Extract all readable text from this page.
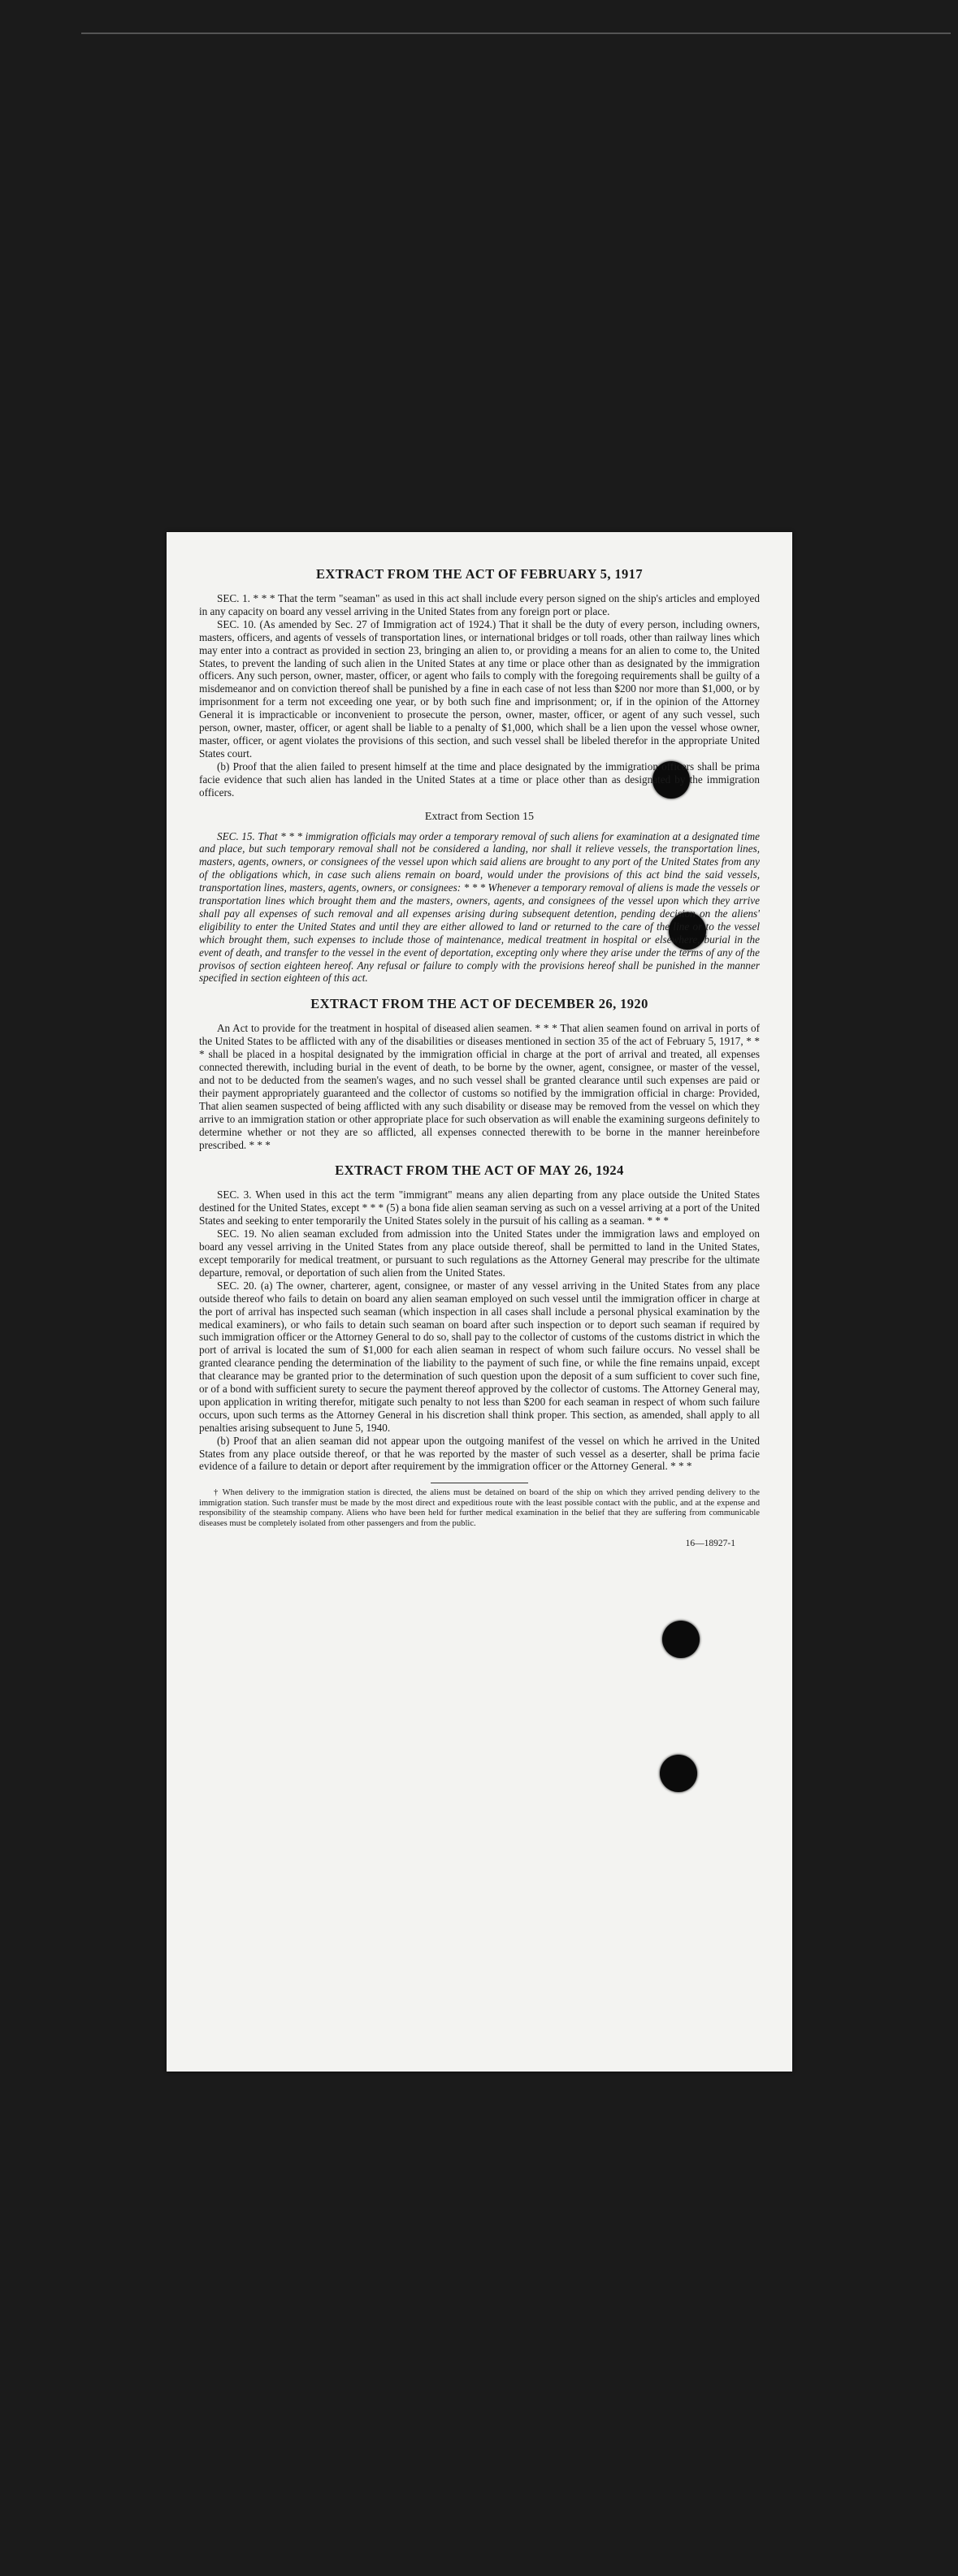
EXTRACT FROM THE ACT OF FEBRUARY 5, 1917

SEC. 1. * * * That the term "seaman" as used in this act shall include every person signed on the ship's articles and employed in any capacity on board any vessel arriving in the United States from any foreign port or place.

SEC. 10. (As amended by Sec. 27 of Immigration act of 1924.) That it shall be the duty of every person, including owners, masters, officers, and agents of vessels of transportation lines, or international bridges or toll roads, other than railway lines which may enter into a contract as provided in section 23, bringing an alien to, or providing a means for an alien to come to, the United States, to prevent the landing of such alien in the United States at any time or place other than as designated by the immigration officers. Any such person, owner, master, officer, or agent who fails to comply with the foregoing requirements shall be guilty of a misdemeanor and on conviction thereof shall be punished by a fine in each case of not less than $200 nor more than $1,000, or by imprisonment for a term not exceeding one year, or by both such fine and imprisonment; or, if in the opinion of the Attorney General it is impracticable or inconvenient to prosecute the person, owner, master, officer, or agent of any such vessel, such person, owner, master, officer, or agent shall be liable to a penalty of $1,000, which shall be a lien upon the vessel whose owner, master, officer, or agent violates the provisions of this section, and such vessel shall be libeled therefor in the appropriate United States court.

(b) Proof that the alien failed to present himself at the time and place designated by the immigration officers shall be prima facie evidence that such alien has landed in the United States at a time or place other than as designated by the immigration officers.

Extract from Section 15

SEC. 15. That * * * immigration officials may order a temporary removal of such aliens for examination at a designated time and place, but such temporary removal shall not be considered a landing, nor shall it relieve vessels, the transportation lines, masters, agents, owners, or consignees of the vessel upon which said aliens are brought to any port of the United States from any of the obligations which, in case such aliens remain on board, would under the provisions of this act bind the said vessels, transportation lines, masters, agents, owners, or consignees: * * * Whenever a temporary removal of aliens is made the vessels or transportation lines which brought them and the masters, owners, agents, and consignees of the vessel upon which they arrive shall pay all expenses of such removal and all expenses arising during subsequent detention, pending decision on the aliens' eligibility to enter the United States and until they are either allowed to land or returned to the care of the line or to the vessel which brought them, such expenses to include those of maintenance, medical treatment in hospital or elsewhere, burial in the event of death, and transfer to the vessel in the event of deportation, excepting only where they arise under the terms of any of the provisos of section eighteen hereof. Any refusal or failure to comply with the provisions hereof shall be punished in the manner specified in section eighteen of this act.

EXTRACT FROM THE ACT OF DECEMBER 26, 1920

An Act to provide for the treatment in hospital of diseased alien seamen. * * * That alien seamen found on arrival in ports of the United States to be afflicted with any of the disabilities or diseases mentioned in section 35 of the act of February 5, 1917, * * * shall be placed in a hospital designated by the immigration official in charge at the port of arrival and treated, all expenses connected therewith, including burial in the event of death, to be borne by the owner, agent, consignee, or master of the vessel, and not to be deducted from the seamen's wages, and no such vessel shall be granted clearance until such expenses are paid or their payment appropriately guaranteed and the collector of customs so notified by the immigration official in charge: Provided, That alien seamen suspected of being afflicted with any such disability or disease may be removed from the vessel on which they arrive to an immigration station or other appropriate place for such observation as will enable the examining surgeons definitely to determine whether or not they are so afflicted, all expenses connected therewith to be borne in the manner hereinbefore prescribed. * * *

EXTRACT FROM THE ACT OF MAY 26, 1924

SEC. 3. When used in this act the term "immigrant" means any alien departing from any place outside the United States destined for the United States, except * * * (5) a bona fide alien seaman serving as such on a vessel arriving at a port of the United States and seeking to enter temporarily the United States solely in the pursuit of his calling as a seaman. * * *

SEC. 19. No alien seaman excluded from admission into the United States under the immigration laws and employed on board any vessel arriving in the United States from any place outside thereof, shall be permitted to land in the United States, except temporarily for medical treatment, or pursuant to such regulations as the Attorney General may prescribe for the ultimate departure, removal, or deportation of such alien from the United States.

SEC. 20. (a) The owner, charterer, agent, consignee, or master of any vessel arriving in the United States from any place outside thereof who fails to detain on board any alien seaman employed on such vessel until the immigration officer in charge at the port of arrival has inspected such seaman (which inspection in all cases shall include a personal physical examination by the medical examiners), or who fails to detain such seaman on board after such inspection or to deport such seaman if required by such immigration officer or the Attorney General to do so, shall pay to the collector of customs of the customs district in which the port of arrival is located the sum of $1,000 for each alien seaman in respect of whom such failure occurs. No vessel shall be granted clearance pending the determination of the liability to the payment of such fine, or while the fine remains unpaid, except that clearance may be granted prior to the determination of such question upon the deposit of a sum sufficient to cover such fine, or of a bond with sufficient surety to secure the payment thereof approved by the collector of customs. The Attorney General may, upon application in writing therefor, mitigate such penalty to not less than $200 for each seaman in respect of whom such failure occurs, upon such terms as the Attorney General in his discretion shall think proper. This section, as amended, shall apply to all penalties arising subsequent to June 5, 1940.

(b) Proof that an alien seaman did not appear upon the outgoing manifest of the vessel on which he arrived in the United States from any place outside thereof, or that he was reported by the master of such vessel as a deserter, shall be prima facie evidence of a failure to detain or deport after requirement by the immigration officer or the Attorney General. * * *

† When delivery to the immigration station is directed, the aliens must be detained on board of the ship on which they arrived pending delivery to the immigration station. Such transfer must be made by the most direct and expeditious route with the least possible contact with the public, and at the expense and responsibility of the steamship company. Aliens who have been held for further medical examination in the belief that they are suffering from communicable diseases must be completely isolated from other passengers and from the public.

16—18927-1
